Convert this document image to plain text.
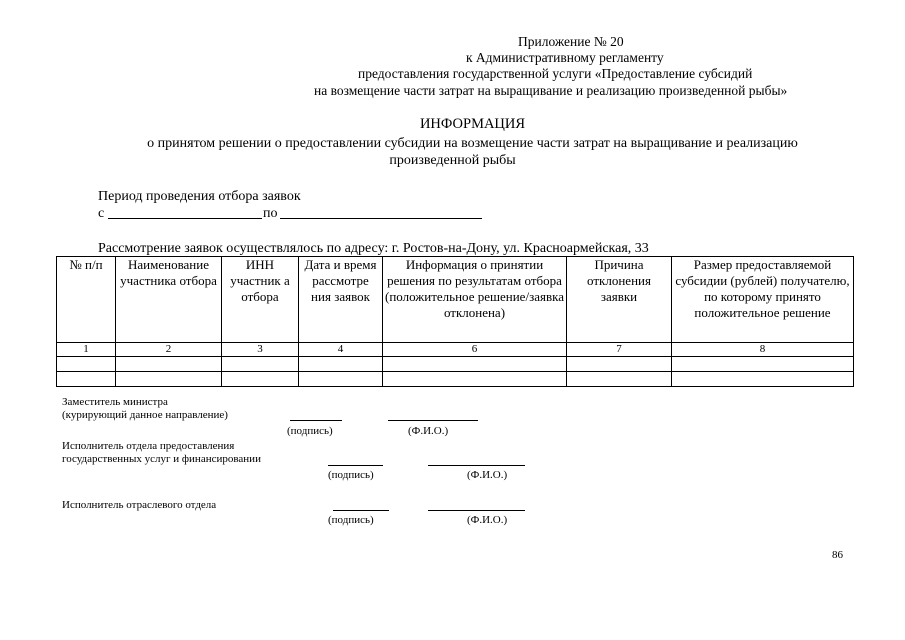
Приложение № 20
к Административному регламенту
предоставления государственной услуги «Предоставление субсидий
на возмещение части затрат на выращивание и реализацию произведенной рыбы»
ИНФОРМАЦИЯ
о принятом решении о предоставлении субсидии на возмещение части затрат на выращивание и реализацию
произведенной рыбы
Период проведения отбора заявок
с	по
Рассмотрение заявок осуществлялось по адресу: г. Ростов-на-Дону, ул. Красноармейская, 33
№ п/п	Наименование участника отбора	ИНН участник а отбора	Дата и время рассмотре ния заявок	Информация о принятии решения по результатам отбора (положительное решение/заявка отклонена)	Причина отклонения заявки	Размер предоставляемой субсидии (рублей) получателю, по которому принято положительное решение
1	2	3	4	6	7	8

Заместитель министра
(курирующий данное направление)
(подпись)	(Ф.И.О.)
Исполнитель отдела предоставления
государственных услуг и финансировании
(подпись)	(Ф.И.О.)
Исполнитель отраслевого отдела
(подпись)	(Ф.И.О.)
86
